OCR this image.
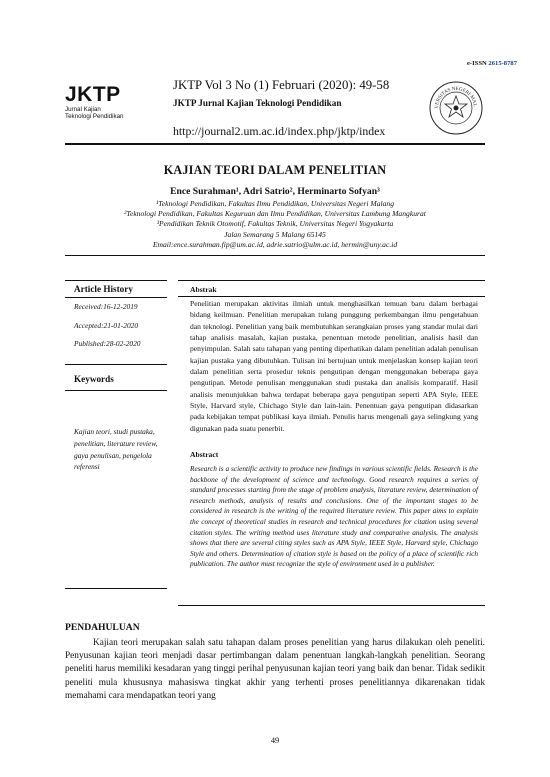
e-ISSN 2615-8787
JKTP
Jurnal Kajian
Teknologi Pendidikan
JKTP Vol 3 No (1) Februari (2020): 49-58
JKTP Jurnal Kajian Teknologi Pendidikan
http://journal2.um.ac.id/index.php/jktp/index
VERSITAS NEGERI MAL
KAJIAN TEORI DALAM PENELITIAN
Ence Surahman¹, Adri Satrio², Herminarto Sofyan³
¹Teknologi Pendidikan, Fakultas Ilmu Pendidikan, Universitas Negeri Malang
²Teknologi Pendidikan, Fakultas Keguruan dan Ilmu Pendidikan, Universitas Lambung Mangkurat
³Pendidikan Teknik Otomotif, Fakultas Teknik, Universitas Negeri Yogyakarta
Jalan Semarang 5 Malang 65145
Email:ence.surahman.fip@um.ac.id, adrie.satrio@ulm.ac.id, hermin@uny.ac.id
Article History
Received:16-12-2019
Accepted:21-01-2020
Published:28-02-2020
Keywords
Kajian teori, studi pustaka, penelitian, literature review, gaya penulisan, pengelola referensi
Abstrak
Penelitian merupakan aktivitas ilmiah untuk menghasilkan temuan baru dalam berbagai bidang keilmuan. Penelitian merupakan tulang punggung perkembangan ilmu pengetahuan dan teknologi. Penelitian yang baik membutuhkan serangkaian proses yang standar mulai dari tahap analisis masalah, kajian pustaka, penentuan metode penelitian, analisis hasil dan penyimpulan. Salah satu tahapan yang penting diperhatikan dalam penelitian adalah penulisan kajian pustaka yang dibutuhkan. Tulisan ini bertujuan untuk menjelaskan konsep kajian teori dalam penelitian serta prosedur teknis pengutipan dengan menggunakan beberapa gaya pengutipan. Metode penulisan menggunakan studi pustaka dan analisis komparatif. Hasil analisis menunjukkan bahwa terdapat beberapa gaya pengutipan seperti APA Style, IEEE Style, Harvard style, Chichago Style dan lain-lain. Penentuan gaya pengutipan didasarkan pada kebijakan tempat publikasi kaya ilmiah. Penulis harus mengenali gaya selingkung yang digunakan pada suatu penerbit.
Abstract
Research is a scientific activity to produce new findings in various scientific fields. Research is the backbone of the development of science and technology. Good research requires a series of standard processes starting from the stage of problem analysis, literature review, determination of research methods, analysis of results and conclusions. One of the important stages to be considered in research is the writing of the required literature review. This paper aims to explain the concept of theoretical studies in research and technical procedures for citation using several citation styles. The writing method uses literature study and comparative analysis. The analysis shows that there are several citing styles such as APA Style, IEEE Style, Harvard style, Chichago Style and others. Determination of citation style is based on the policy of a place of scientific rich publication. The author must recognize the style of environment used in a publisher.
PENDAHULUAN
Kajian teori merupakan salah satu tahapan dalam proses penelitian yang harus dilakukan oleh peneliti. Penyusunan kajian teori menjadi dasar pertimbangan dalam penentuan langkah-langkah penelitian. Seorang peneliti harus memiliki kesadaran yang tinggi perihal penyusunan kajian teori yang baik dan benar. Tidak sedikit peneliti mula khususnya mahasiswa tingkat akhir yang terhenti proses penelitiannya dikarenakan tidak memahami cara mendapatkan teori yang
49
